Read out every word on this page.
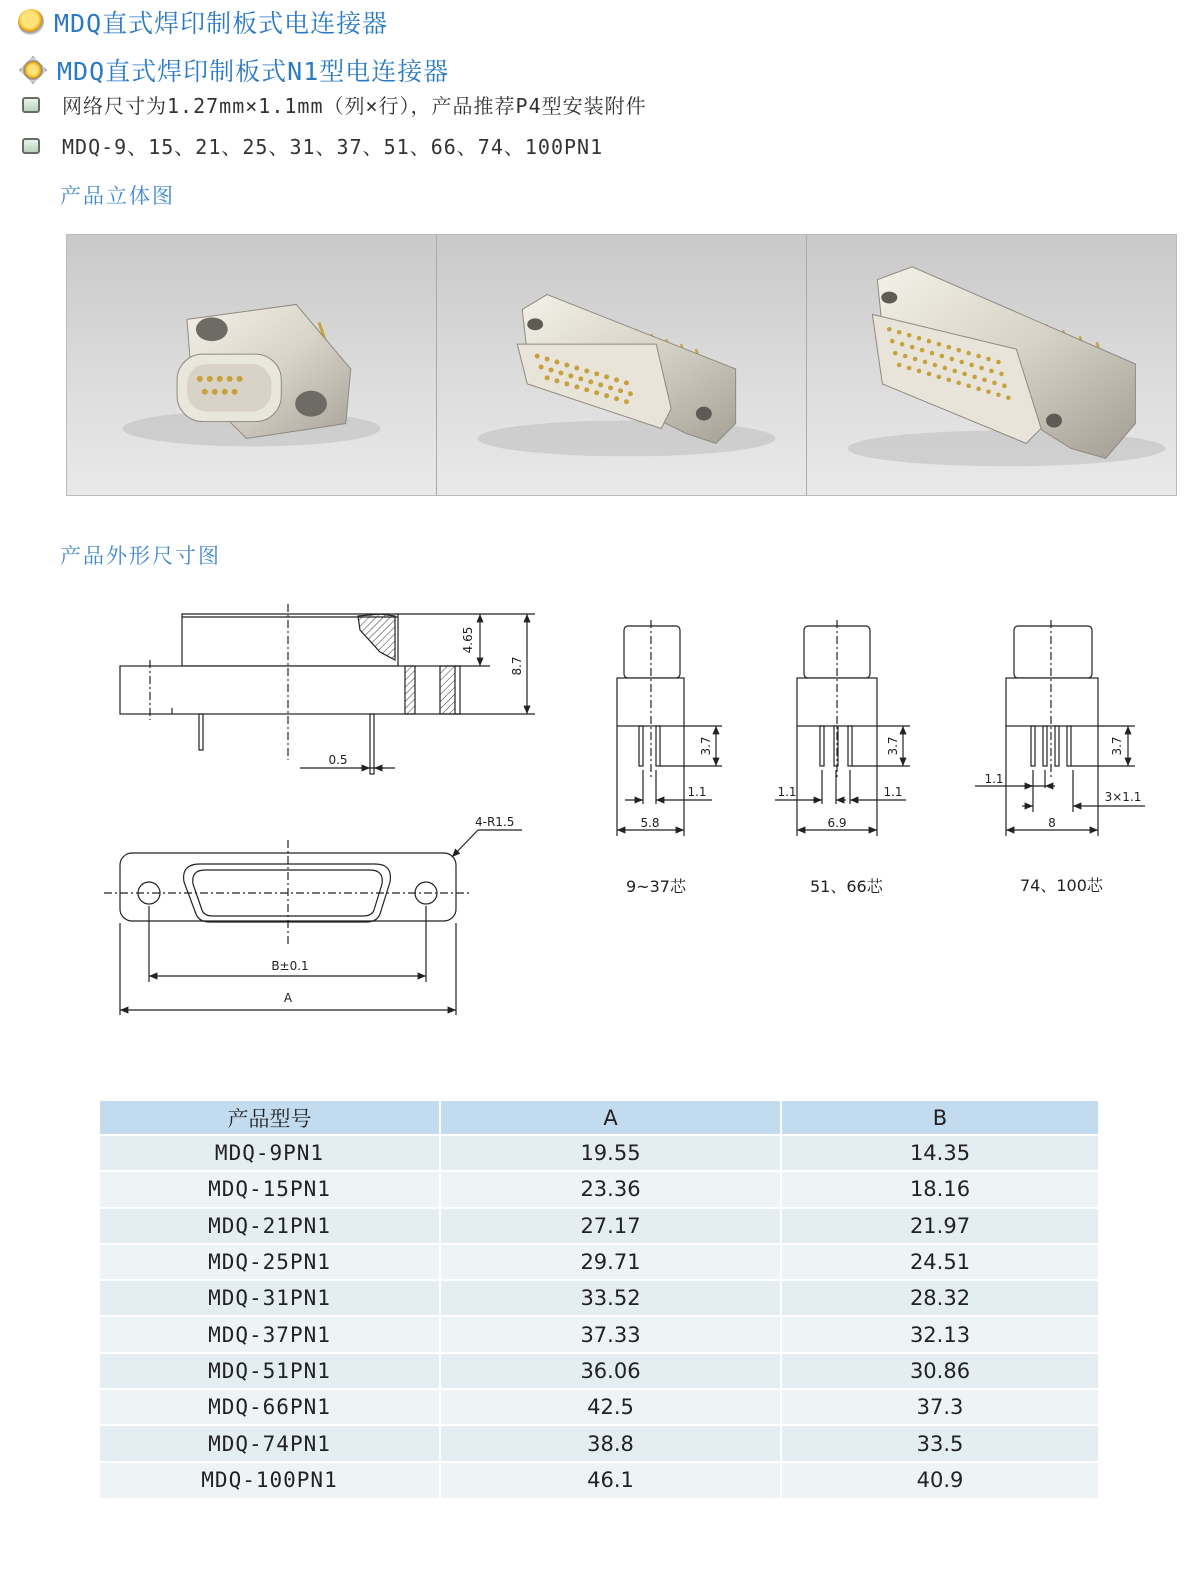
MDQ直式焊印制板式电连接器
MDQ直式焊印制板式N1型电连接器
网络尺寸为1.27mm×1.1mm（列×行），产品推荐P4型安装附件
MDQ-9、15、21、25、31、37、51、66、74、100PN1
产品立体图
产品外形尺寸图
4.65
8.7
0.5
4-R1.5
B±0.1
A
3.7
1.1
5.8
3.7
1.1	1.1
6.9
3.7
1.1
3×1.1
8
9~37芯	51、66芯	74、100芯
产品型号	A	B
MDQ-9PN1	19.55	14.35
MDQ-15PN1	23.36	18.16
MDQ-21PN1	27.17	21.97
MDQ-25PN1	29.71	24.51
MDQ-31PN1	33.52	28.32
MDQ-37PN1	37.33	32.13
MDQ-51PN1	36.06	30.86
MDQ-66PN1	42.5	37.3
MDQ-74PN1	38.8	33.5
MDQ-100PN1	46.1	40.9
